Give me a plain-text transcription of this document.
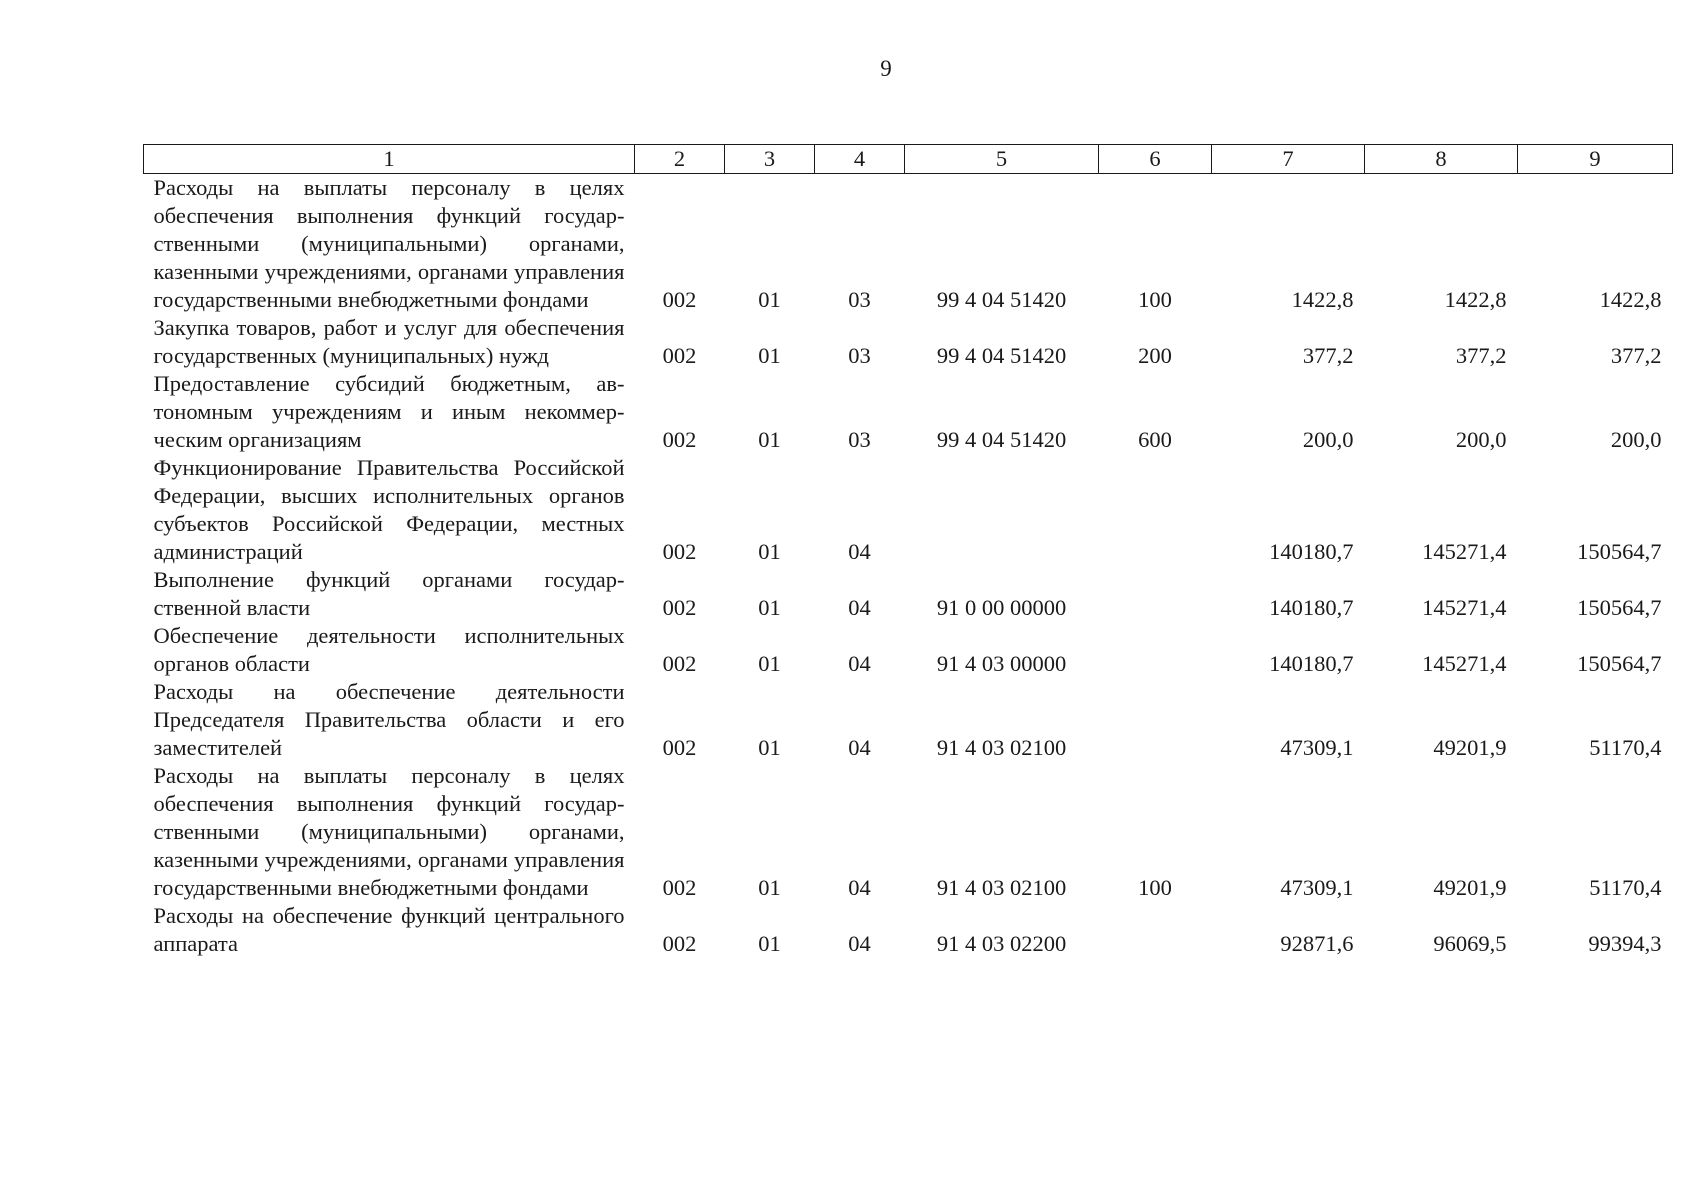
9
1	2	3	4	5	6	7	8	9
Расходы на выплаты персоналу в целях обеспечения выполнения функций государственными (муниципальными) органами, казенными учреждениями, органами управления государственными внебюджетными фондами	002	01	03	99 4 04 51420	100	1422,8	1422,8	1422,8
Закупка товаров, работ и услуг для обеспечения государственных (муниципальных) нужд	002	01	03	99 4 04 51420	200	377,2	377,2	377,2
Предоставление субсидий бюджетным, автономным учреждениям и иным некоммерческим организациям	002	01	03	99 4 04 51420	600	200,0	200,0	200,0
Функционирование Правительства Российской Федерации, высших исполнительных органов субъектов Российской Федерации, местных администраций	002	01	04			140180,7	145271,4	150564,7
Выполнение функций органами государственной власти	002	01	04	91 0 00 00000		140180,7	145271,4	150564,7
Обеспечение деятельности исполнительных органов области	002	01	04	91 4 03 00000		140180,7	145271,4	150564,7
Расходы на обеспечение деятельности Председателя Правительства области и его заместителей	002	01	04	91 4 03 02100		47309,1	49201,9	51170,4
Расходы на выплаты персоналу в целях обеспечения выполнения функций государственными (муниципальными) органами, казенными учреждениями, органами управления государственными внебюджетными фондами	002	01	04	91 4 03 02100	100	47309,1	49201,9	51170,4
Расходы на обеспечение функций центрального аппарата	002	01	04	91 4 03 02200		92871,6	96069,5	99394,3
